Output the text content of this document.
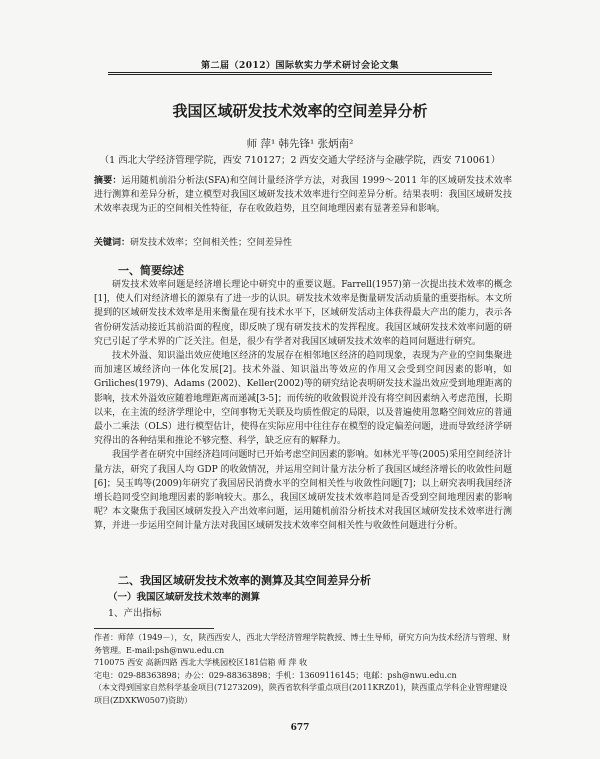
第二届（2012）国际软实力学术研讨会论文集
我国区域研发技术效率的空间差异分析
师 萍¹ 韩先锋¹ 张炳南²
（1 西北大学经济管理学院，西安 710127；2 西安交通大学经济与金融学院，西安 710061）
摘要：运用随机前沿分析法(SFA)和空间计量经济学方法，对我国 1999～2011 年的区域研发技术效率进行测算和差异分析，建立模型对我国区域研发技术效率进行空间差异分析。结果表明：我国区域研发技术效率表现为正的空间相关性特征，存在收敛趋势，且空间地理因素有显著差异和影响。
关键词：研发技术效率；空间相关性；空间差异性
一、简要综述

研发技术效率问题是经济增长理论中研究中的重要议题。Farrell(1957)第一次提出技术效率的概念[1]，使人们对经济增长的源泉有了进一步的认识。研发技术效率是衡量研发活动质量的重要指标。本文所提到的区域研发技术效率是用来衡量在现有技术水平下，区域研发活动主体获得最大产出的能力，表示各省份研发活动接近其前沿面的程度，即反映了现有研发技术的发挥程度。我国区域研发技术效率问题的研究已引起了学术界的广泛关注。但是，很少有学者对我国区域研发技术效率的趋同问题进行研究。

技术外溢、知识溢出效应使地区经济的发展存在相邻地区经济的趋同现象，表现为产业的空间集聚进而加速区域经济向一体化发展[2]。技术外溢、知识溢出等效应的作用又会受到空间因素的影响，如 Griliches(1979)、Adams (2002)、Keller(2002)等的研究结论表明研发技术溢出效应受到地理距离的影响，技术外溢效应随着地理距离而递减[3-5]；而传统的收敛假说并没有将空间因素纳入考虑范围，长期以来，在主流的经济学理论中，空间事物无关联及均质性假定的局限，以及普遍使用忽略空间效应的普通最小二乘法（OLS）进行模型估计，使得在实际应用中往往存在模型的设定偏差问题，进而导致经济学研究得出的各种结果和推论不够完整、科学，缺乏应有的解释力。

我国学者在研究中国经济趋同问题时已开始考虑空间因素的影响。如林光平等(2005)采用空间经济计量方法，研究了我国人均 GDP 的收敛情况，并运用空间计量方法分析了我国区域经济增长的收敛性问题[6]；吴玉鸣等(2009)年研究了我国居民消费水平的空间相关性与收敛性问题[7]；以上研究表明我国经济增长趋同受空间地理因素的影响较大。那么，我国区域研发技术效率趋同是否受到空间地理因素的影响呢？本文聚焦于我国区域研发投入产出效率问题，运用随机前沿分析技术对我国区域研发技术效率进行测算，并进一步运用空间计量方法对我国区域研发技术效率空间相关性与收敛性问题进行分析。

二、我国区域研发技术效率的测算及其空间差异分析
（一）我国区域研发技术效率的测算
1、产出指标
作者：师萍（1949－），女，陕西西安人，西北大学经济管理学院教授、博士生导师，研究方向为技术经济与管理、财务管理。E-mail:psh@nwu.edu.cn
710075 西安 高新四路 西北大学桃园校区181信箱 师 萍 收
宅电：029-88363898；办公：029-88363898；手机：13609116145；电邮：psh@nwu.edu.cn
（本文得到国家自然科学基金项目(71273209)，陕西省软科学重点项目(2011KRZ01)，陕西重点学科企业管理建设项目(ZDXKW0507)资助）
677
